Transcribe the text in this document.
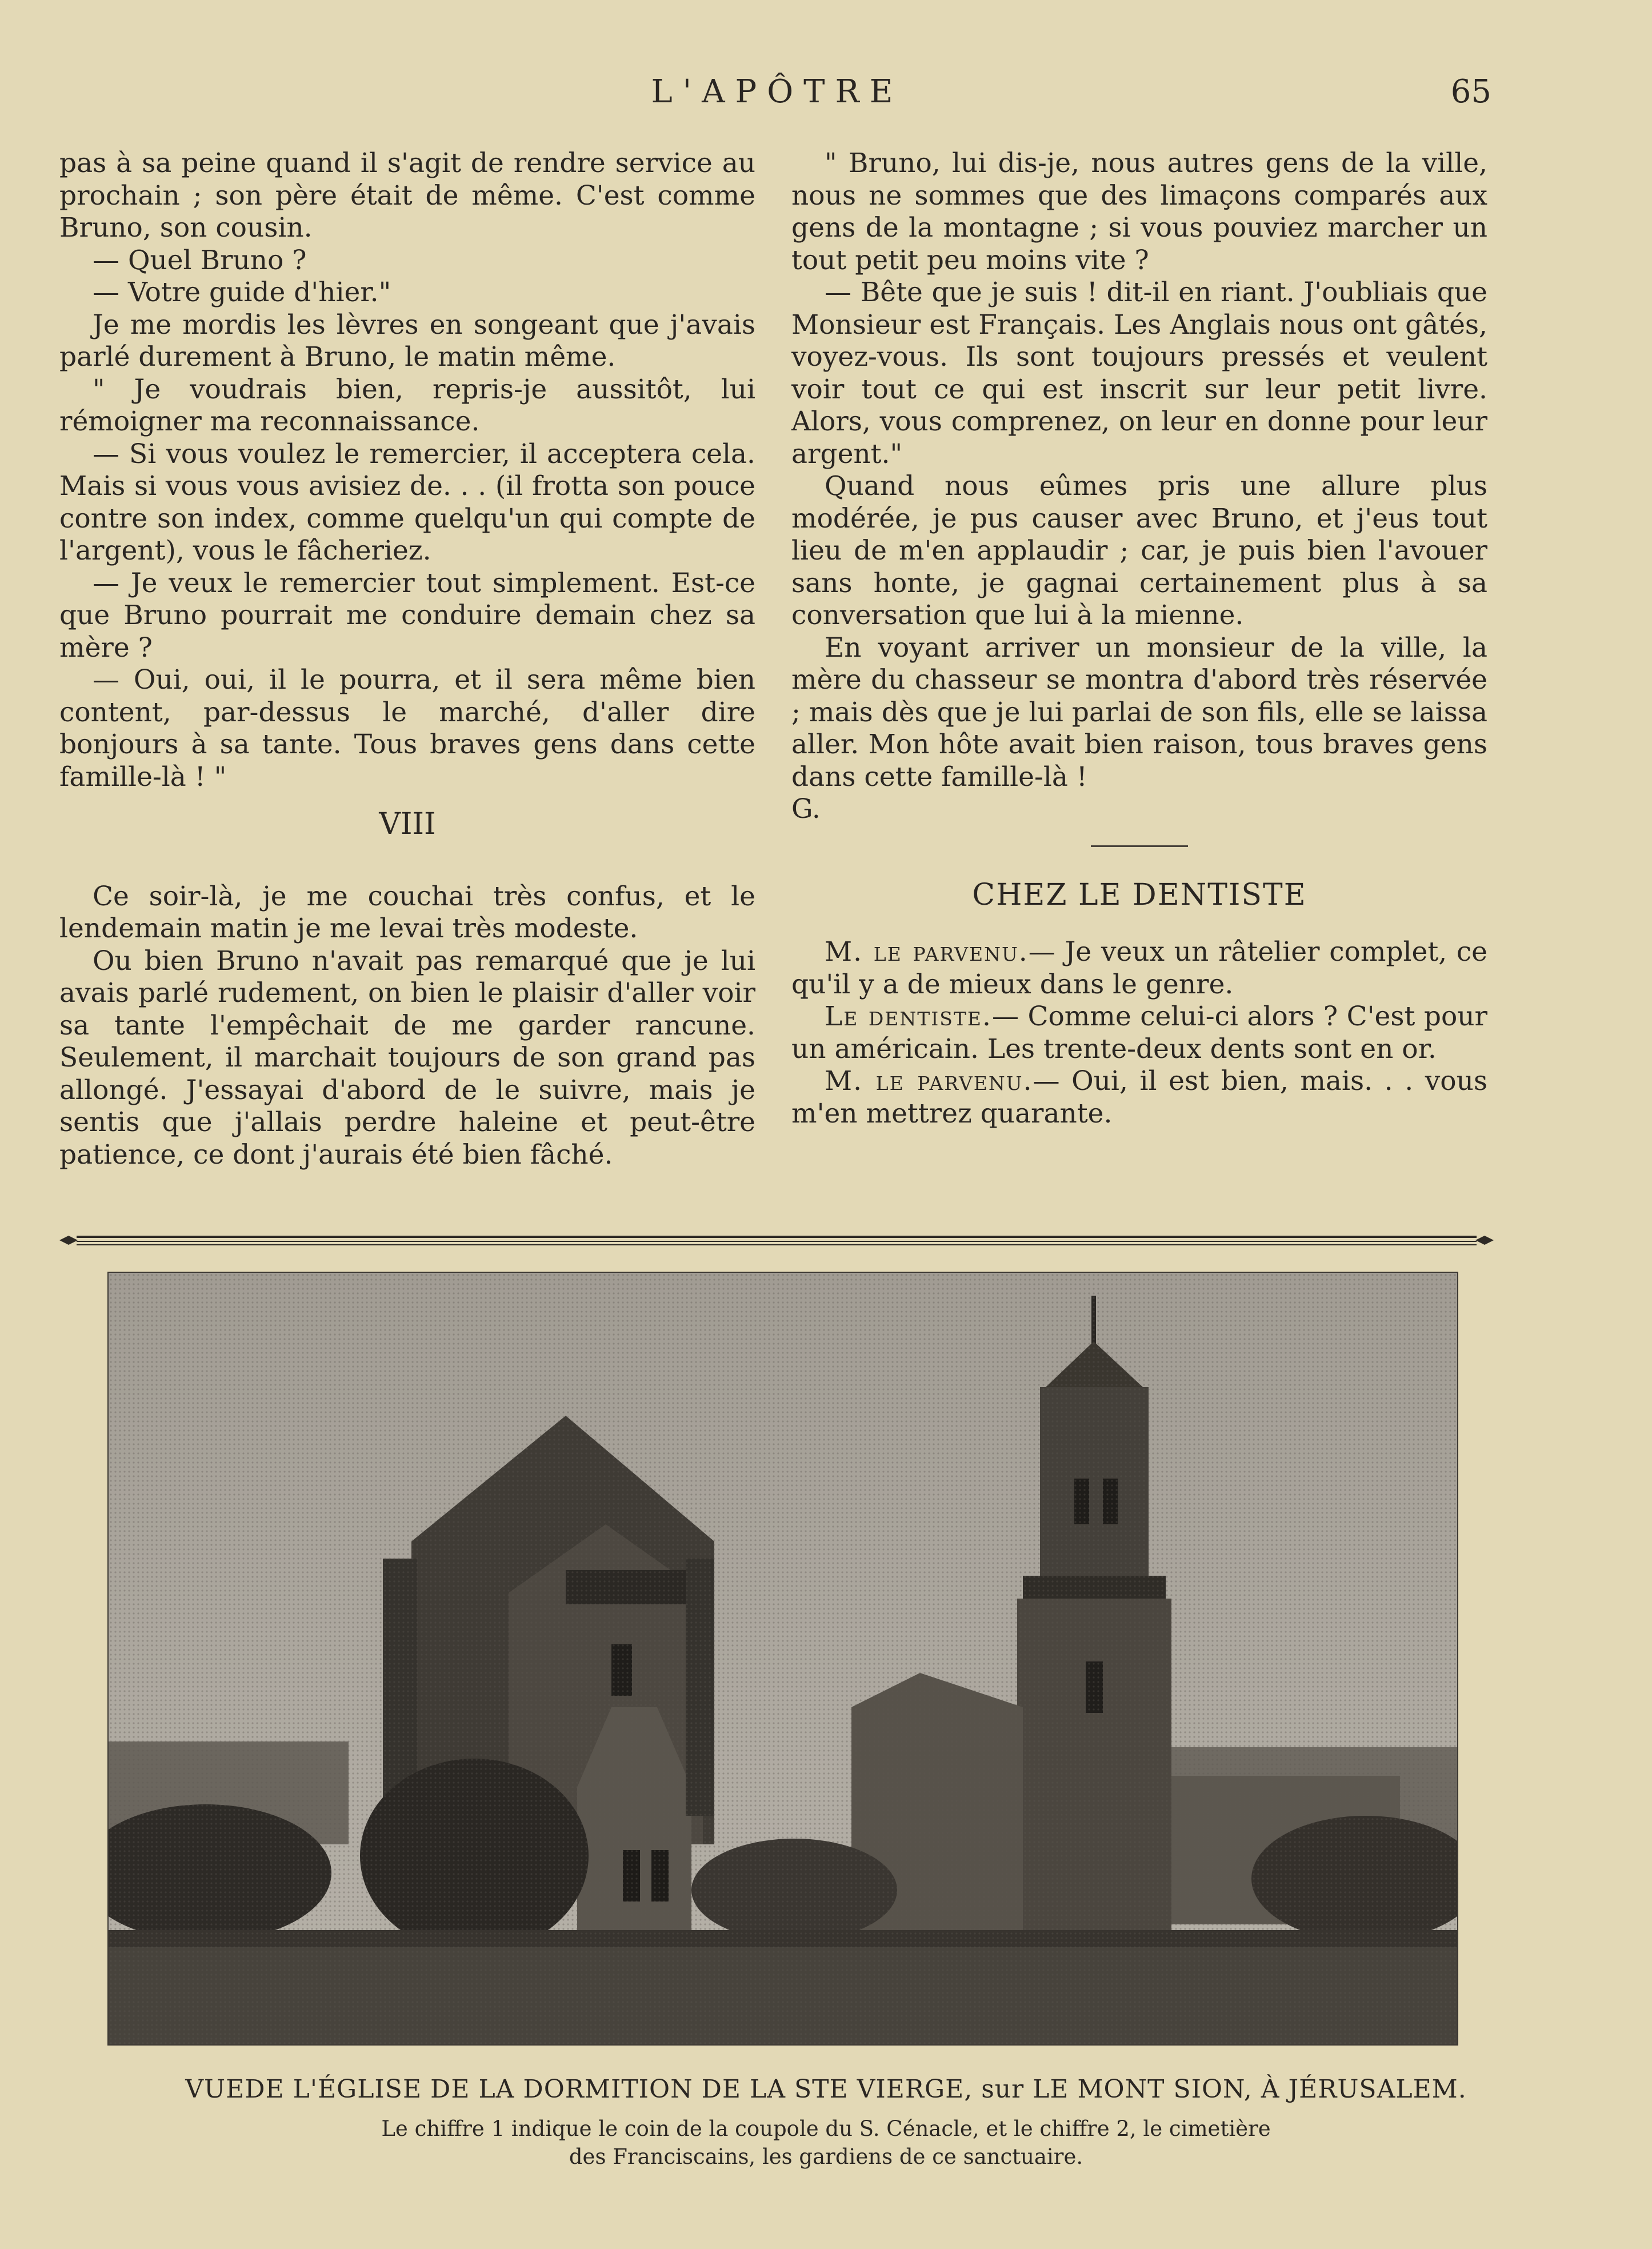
L'APÔTRE	65

pas à sa peine quand il s'agit de rendre service au prochain ; son père était de même. C'est comme Bruno, son cousin.

— Quel Bruno ?

— Votre guide d'hier."

Je me mordis les lèvres en songeant que j'avais parlé durement à Bruno, le matin même.

" Je voudrais bien, repris-je aussitôt, lui rémoigner ma reconnaissance.

— Si vous voulez le remercier, il acceptera cela. Mais si vous vous avisiez de. . . (il frotta son pouce contre son index, comme quelqu'un qui compte de l'argent), vous le fâcheriez.

— Je veux le remercier tout simplement. Est-ce que Bruno pourrait me conduire demain chez sa mère ?

— Oui, oui, il le pourra, et il sera même bien content, par-dessus le marché, d'aller dire bonjours à sa tante. Tous braves gens dans cette famille-là ! "

VIII

Ce soir-là, je me couchai très confus, et le lendemain matin je me levai très modeste.

Ou bien Bruno n'avait pas remarqué que je lui avais parlé rudement, on bien le plaisir d'aller voir sa tante l'empêchait de me garder rancune. Seulement, il marchait toujours de son grand pas allongé. J'essayai d'abord de le suivre, mais je sentis que j'allais perdre haleine et peut-être patience, ce dont j'aurais été bien fâché.

" Bruno, lui dis-je, nous autres gens de la ville, nous ne sommes que des limaçons comparés aux gens de la montagne ; si vous pouviez marcher un tout petit peu moins vite ?

— Bête que je suis ! dit-il en riant. J'oubliais que Monsieur est Français. Les Anglais nous ont gâtés, voyez-vous. Ils sont toujours pressés et veulent voir tout ce qui est inscrit sur leur petit livre. Alors, vous comprenez, on leur en donne pour leur argent."

Quand nous eûmes pris une allure plus modérée, je pus causer avec Bruno, et j'eus tout lieu de m'en applaudir ; car, je puis bien l'avouer sans honte, je gagnai certainement plus à sa conversation que lui à la mienne.

En voyant arriver un monsieur de la ville, la mère du chasseur se montra d'abord très réservée ; mais dès que je lui parlai de son fils, elle se laissa aller. Mon hôte avait bien raison, tous braves gens dans cette famille-là !

G.

CHEZ LE DENTISTE

M. le parvenu.— Je veux un râtelier complet, ce qu'il y a de mieux dans le genre.

Le dentiste.— Comme celui-ci alors ? C'est pour un américain. Les trente-deux dents sont en or.

M. le parvenu.— Oui, il est bien, mais. . . vous m'en mettrez quarante.

VUEDE L'ÉGLISE DE LA DORMITION DE LA STE VIERGE, sur LE MONT SION, À JÉRUSALEM.
Le chiffre 1 indique le coin de la coupole du S. Cénacle, et le chiffre 2, le cimetière
des Franciscains, les gardiens de ce sanctuaire.
